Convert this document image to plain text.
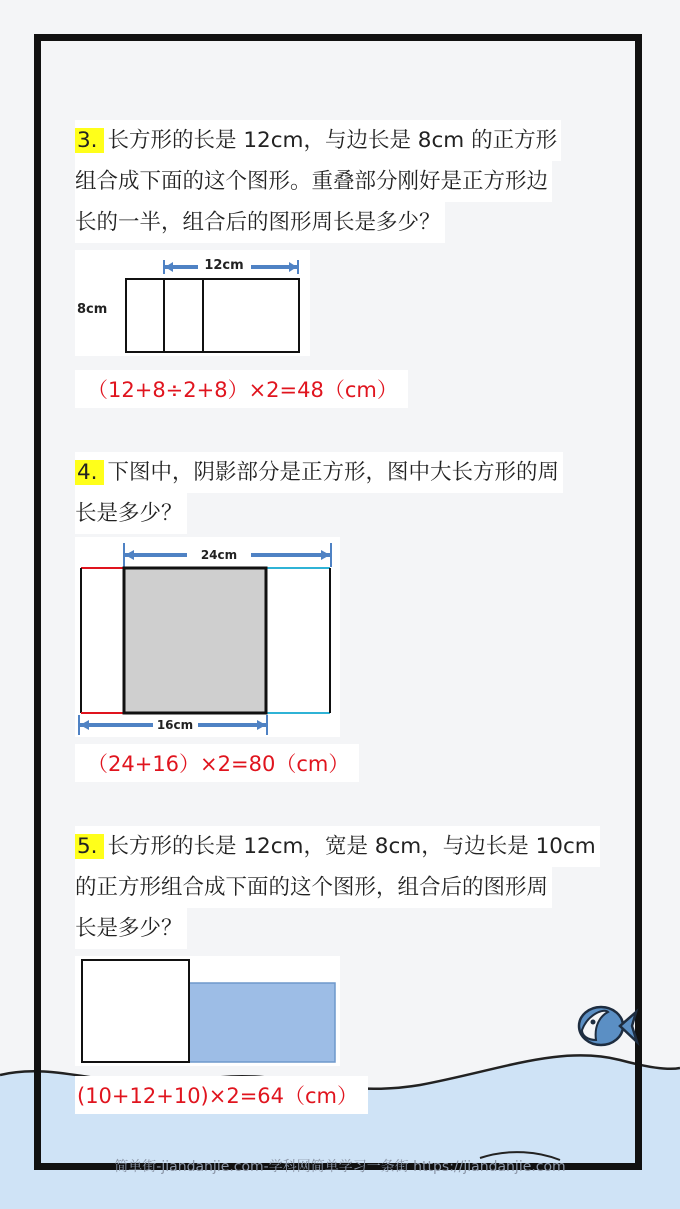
3. 长方形的长是 12cm，与边长是 8cm 的正方形
组合成下面的这个图形。重叠部分刚好是正方形边
长的一半，组合后的图形周长是多少？
12cm
8cm
（12+8÷2+8）×2=48（cm）
4. 下图中，阴影部分是正方形，图中大长方形的周
长是多少？
24cm
16cm
（24+16）×2=80（cm）
5. 长方形的长是 12cm，宽是 8cm，与边长是 10cm
的正方形组合成下面的这个图形，组合后的图形周
长是多少？
(10+12+10)×2=64（cm）
简单街-jiandanjie.com-学科网简单学习一条街 https://jiandanjie.com
